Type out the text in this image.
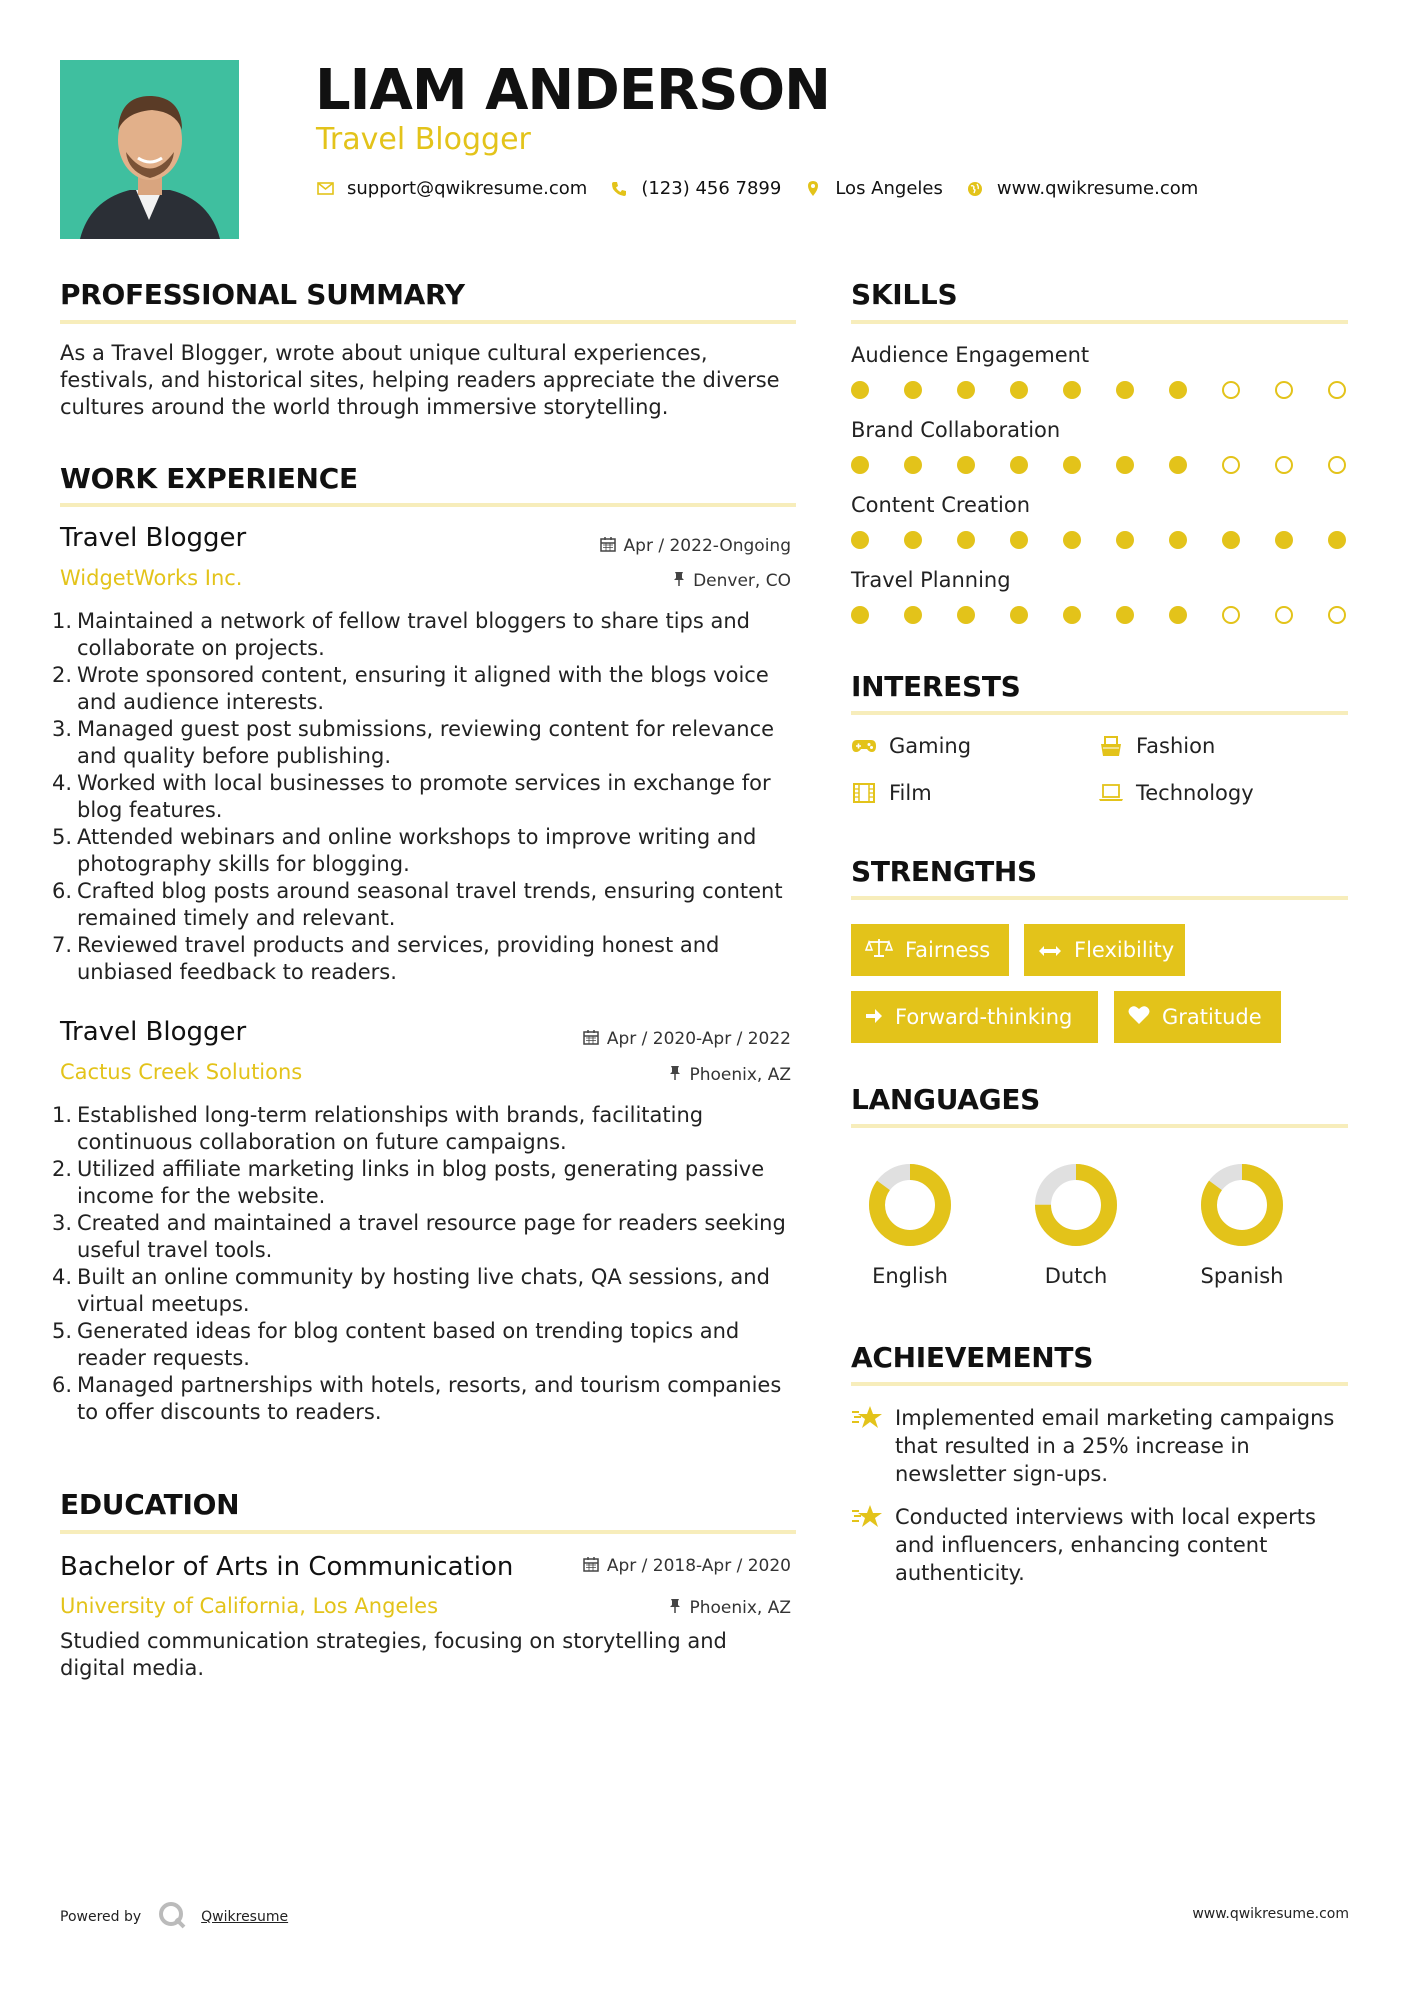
LIAM ANDERSON
Travel Blogger
support@qwikresume.com	(123) 456 7899	Los Angeles	www.qwikresume.com
PROFESSIONAL SUMMARY
As a Travel Blogger, wrote about unique cultural experiences, festivals, and historical sites, helping readers appreciate the diverse cultures around the world through immersive storytelling.
WORK EXPERIENCE
Travel Blogger	Apr / 2022-Ongoing
WidgetWorks Inc.	Denver, CO
1. Maintained a network of fellow travel bloggers to share tips and collaborate on projects.
2. Wrote sponsored content, ensuring it aligned with the blogs voice and audience interests.
3. Managed guest post submissions, reviewing content for relevance and quality before publishing.
4. Worked with local businesses to promote services in exchange for blog features.
5. Attended webinars and online workshops to improve writing and photography skills for blogging.
6. Crafted blog posts around seasonal travel trends, ensuring content remained timely and relevant.
7. Reviewed travel products and services, providing honest and unbiased feedback to readers.
Travel Blogger	Apr / 2020-Apr / 2022
Cactus Creek Solutions	Phoenix, AZ
1. Established long-term relationships with brands, facilitating continuous collaboration on future campaigns.
2. Utilized affiliate marketing links in blog posts, generating passive income for the website.
3. Created and maintained a travel resource page for readers seeking useful travel tools.
4. Built an online community by hosting live chats, QA sessions, and virtual meetups.
5. Generated ideas for blog content based on trending topics and reader requests.
6. Managed partnerships with hotels, resorts, and tourism companies to offer discounts to readers.
EDUCATION
Bachelor of Arts in Communication	Apr / 2018-Apr / 2020
University of California, Los Angeles	Phoenix, AZ
Studied communication strategies, focusing on storytelling and digital media.
SKILLS
Audience Engagement
Brand Collaboration
Content Creation
Travel Planning
INTERESTS
Gaming	Fashion
Film	Technology
STRENGTHS
Fairness	Flexibility
Forward-thinking	Gratitude
LANGUAGES
English	Dutch	Spanish
ACHIEVEMENTS
Implemented email marketing campaigns that resulted in a 25% increase in newsletter sign-ups.
Conducted interviews with local experts and influencers, enhancing content authenticity.
Powered by	Qwikresume	www.qwikresume.com
